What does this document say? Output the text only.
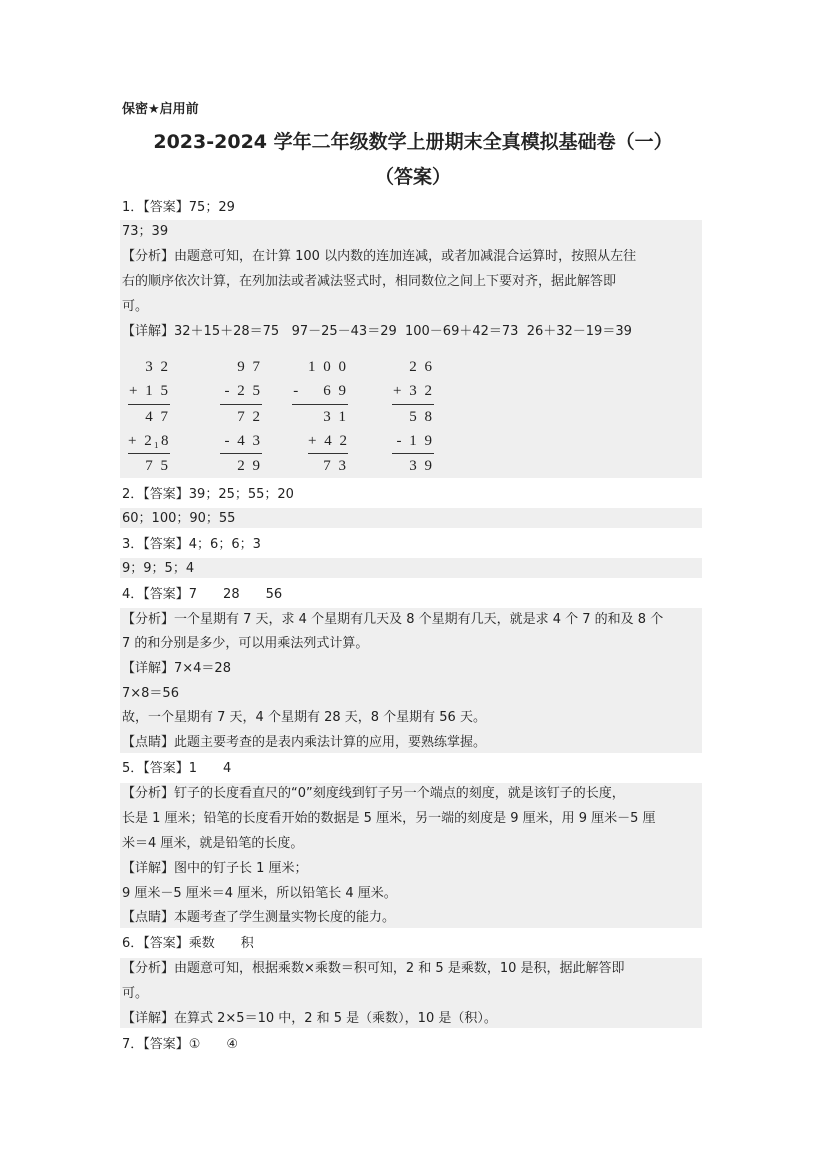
保密★启用前
2023-2024 学年二年级数学上册期末全真模拟基础卷（一）
（答案）
1．【答案】75；29
73；39
【分析】由题意可知，在计算 100 以内数的连加连减，或者加减混合运算时，按照从左往
右的顺序依次计算，在列加法或者减法竖式时，相同数位之间上下要对齐，据此解答即
可。
【详解】32＋15＋28＝75   97－25－43＝29  100－69＋42＝73  26＋32－19＝39
3 2
+ 1 5
4 7
+ 2₁8
7 5
9 7
- 2 5
7 2
- 4 3
2 9
1 0 0
-    6 9
3 1
+ 4 2
7 3
2 6
+ 3 2
5 8
- 1 9
3 9
2．【答案】39；25；55；20
60；100；90；55
3．【答案】4；6；6；3
9；9；5；4
4．【答案】7　　28　　56
【分析】一个星期有 7 天，求 4 个星期有几天及 8 个星期有几天，就是求 4 个 7 的和及 8 个
7 的和分别是多少，可以用乘法列式计算。
【详解】7×4＝28
7×8＝56
故，一个星期有 7 天，4 个星期有 28 天，8 个星期有 56 天。
【点睛】此题主要考查的是表内乘法计算的应用，要熟练掌握。
5．【答案】1　　4
【分析】钉子的长度看直尺的“0”刻度线到钉子另一个端点的刻度，就是该钉子的长度，
长是 1 厘米；铅笔的长度看开始的数据是 5 厘米，另一端的刻度是 9 厘米，用 9 厘米－5 厘
米＝4 厘米，就是铅笔的长度。
【详解】图中的钉子长 1 厘米；
9 厘米－5 厘米＝4 厘米，所以铅笔长 4 厘米。
【点睛】本题考查了学生测量实物长度的能力。
6．【答案】乘数　　积
【分析】由题意可知，根据乘数×乘数＝积可知，2 和 5 是乘数，10 是积，据此解答即
可。
【详解】在算式 2×5＝10 中，2 和 5 是（乘数），10 是（积）。
7．【答案】①　　④
